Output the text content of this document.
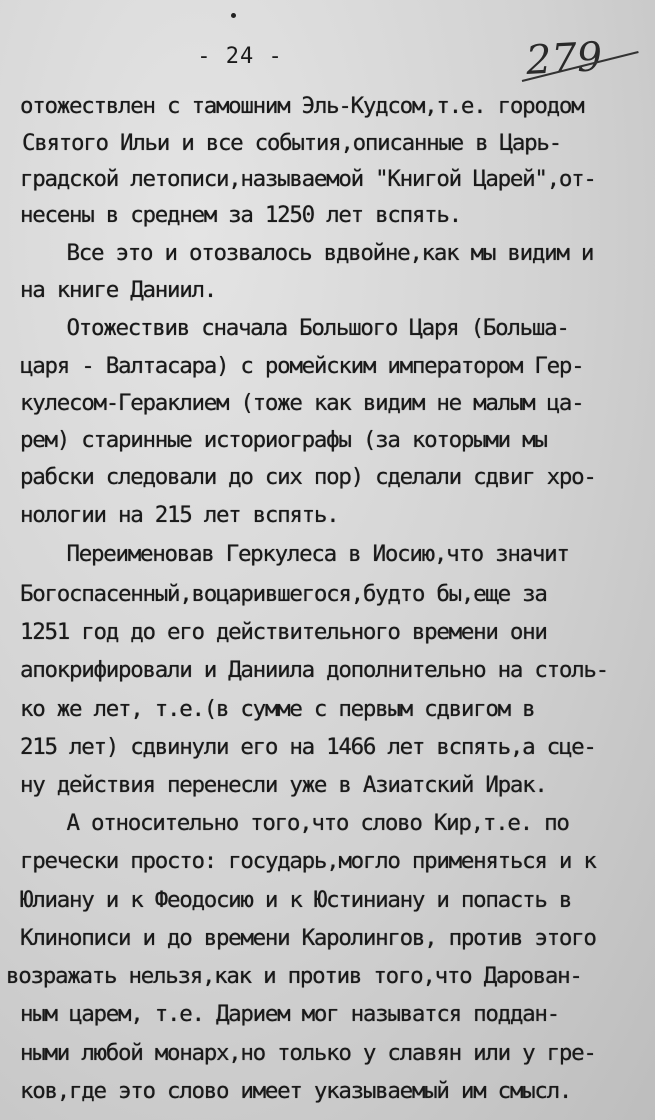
- 24 -	279
отожествлен с тамошним Эль-Кудсом,т.е. городом
Святого Ильи и все события,описанные в Царь-
градской летописи,называемой "Книгой Царей",от-
несены в среднем за 1250 лет вспять.
Все это и отозвалось вдвойне,как мы видим и
на книге Даниил.
Отожествив сначала Большого Царя (Больша-
царя - Валтасара) с ромейским императором Гер-
кулесом-Гераклием (тоже как видим не малым ца-
рем) старинные историографы (за которыми мы
рабски следовали до сих пор) сделали сдвиг хро-
нологии на 215 лет вспять.
Переименовав Геркулеса в Иосию,что значит
Богоспасенный,воцарившегося,будто бы,еще за
1251 год до его действительного времени они
апокрифировали и Даниила дополнительно на столь-
ко же лет, т.е.(в сумме с первым сдвигом в
215 лет) сдвинули его на 1466 лет вспять,а сце-
ну действия перенесли уже в Азиатский Ирак.
А относительно того,что слово Кир,т.е. по
гречески просто: государь,могло применяться и к
Юлиану и к Феодосию и к Юстиниану и попасть в
Клинописи и до времени Каролингов, против этого
возражать нельзя,как и против того,что Дарован-
ным царем, т.е. Дарием мог называтся поддан-
ными любой монарх,но только у славян или у гре-
ков,где это слово имеет указываемый им смысл.
